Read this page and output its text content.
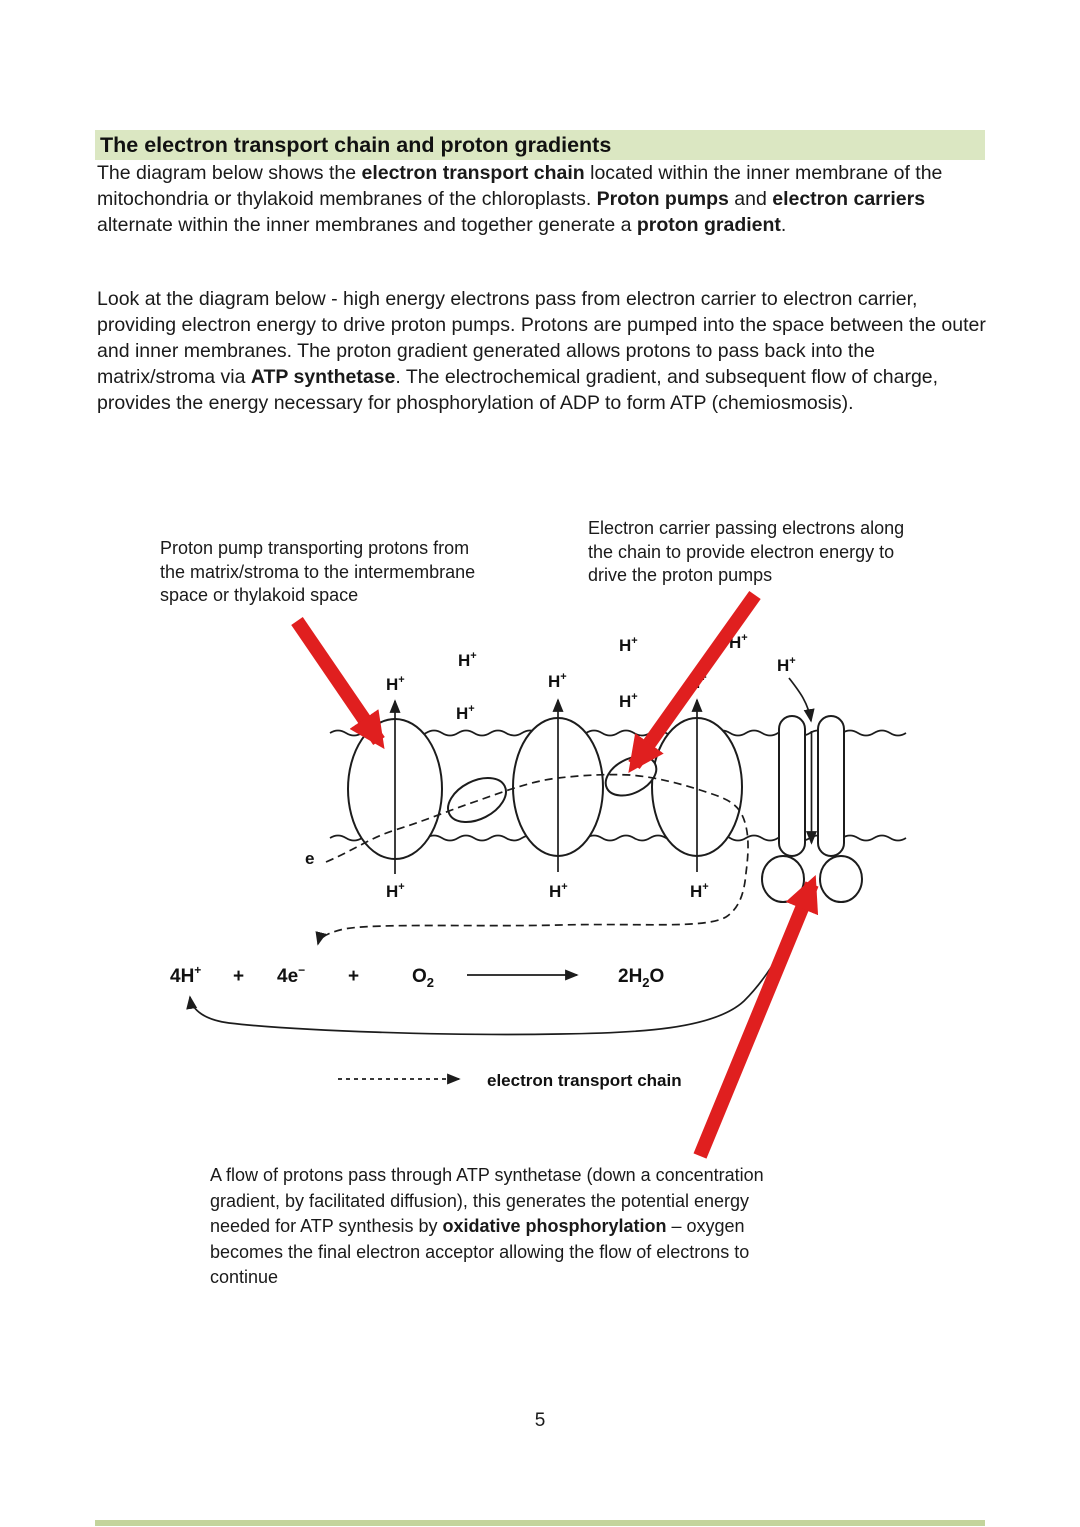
The electron transport chain and proton gradients
The diagram below shows the electron transport chain located within the inner membrane of the mitochondria or thylakoid membranes of the chloroplasts. Proton pumps and electron carriers alternate within the inner membranes and together generate a proton gradient.
Look at the diagram below - high energy electrons pass from electron carrier to electron carrier, providing electron energy to drive proton pumps. Protons are pumped into the space between the outer and inner membranes. The proton gradient generated allows protons to pass back into the matrix/stroma via ATP synthetase. The electrochemical gradient, and subsequent flow of charge, provides the energy necessary for phosphorylation of ADP to form ATP (chemiosmosis).
Proton pump transporting protons from the matrix/stroma to the intermembrane space or thylakoid space
Electron carrier passing electrons along the chain to provide electron energy to drive the proton pumps
A flow of protons pass through ATP synthetase (down a concentration gradient, by facilitated diffusion), this generates the potential energy needed for ATP synthesis by oxidative phosphorylation – oxygen becomes the final electron acceptor allowing the flow of electrons to continue
H+
H+
H+
H+
H+
H+
H+
H+
H+
H+	H+	H+
e
4H+ + 4e− +	$O_2$	$2H_2O$
electron transport chain
5
